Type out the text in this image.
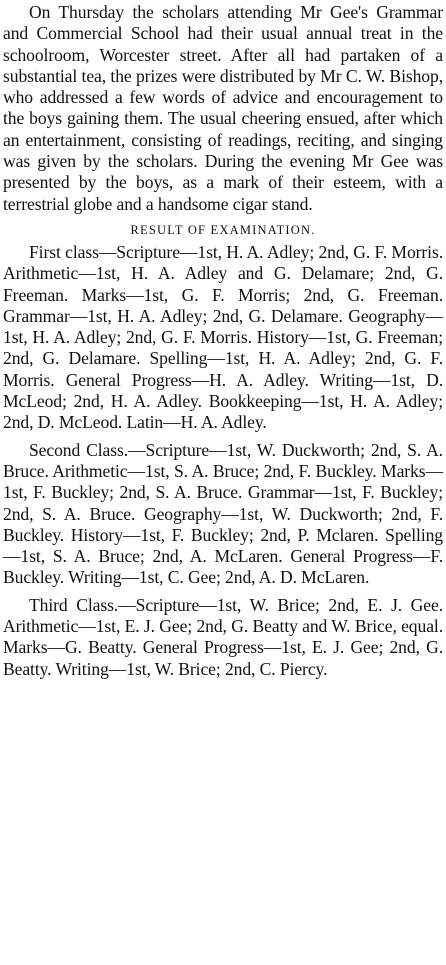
On Thursday the scholars attending Mr Gee's Grammar and Commercial School had their usual annual treat in the schoolroom, Worcester street. After all had partaken of a substantial tea, the prizes were distributed by Mr C. W. Bishop, who addressed a few words of advice and encouragement to the boys gaining them. The usual cheering ensued, after which an entertainment, consisting of readings, reciting, and singing was given by the scholars. During the evening Mr Gee was presented by the boys, as a mark of their esteem, with a terrestrial globe and a handsome cigar stand.

RESULT OF EXAMINATION.

First class—Scripture—1st, H. A. Adley; 2nd, G. F. Morris. Arithmetic—1st, H. A. Adley and G. Delamare; 2nd, G. Freeman. Marks—1st, G. F. Morris; 2nd, G. Freeman. Grammar—1st, H. A. Adley; 2nd, G. Delamare. Geography—1st, H. A. Adley; 2nd, G. F. Morris. History—1st, G. Freeman; 2nd, G. Delamare. Spelling—1st, H. A. Adley; 2nd, G. F. Morris. General Progress—H. A. Adley. Writing—1st, D. McLeod; 2nd, H. A. Adley. Bookkeeping—1st, H. A. Adley; 2nd, D. McLeod. Latin—H. A. Adley.

Second Class.—Scripture—1st, W. Duckworth; 2nd, S. A. Bruce. Arithmetic—1st, S. A. Bruce; 2nd, F. Buckley. Marks—1st, F. Buckley; 2nd, S. A. Bruce. Grammar—1st, F. Buckley; 2nd, S. A. Bruce. Geography—1st, W. Duckworth; 2nd, F. Buckley. History—1st, F. Buckley; 2nd, P. Mclaren. Spelling—1st, S. A. Bruce; 2nd, A. McLaren. General Progress—F. Buckley. Writing—1st, C. Gee; 2nd, A. D. McLaren.

Third Class.—Scripture—1st, W. Brice; 2nd, E. J. Gee. Arithmetic—1st, E. J. Gee; 2nd, G. Beatty and W. Brice, equal. Marks—G. Beatty. General Progress—1st, E. J. Gee; 2nd, G. Beatty. Writing—1st, W. Brice; 2nd, C. Piercy.
